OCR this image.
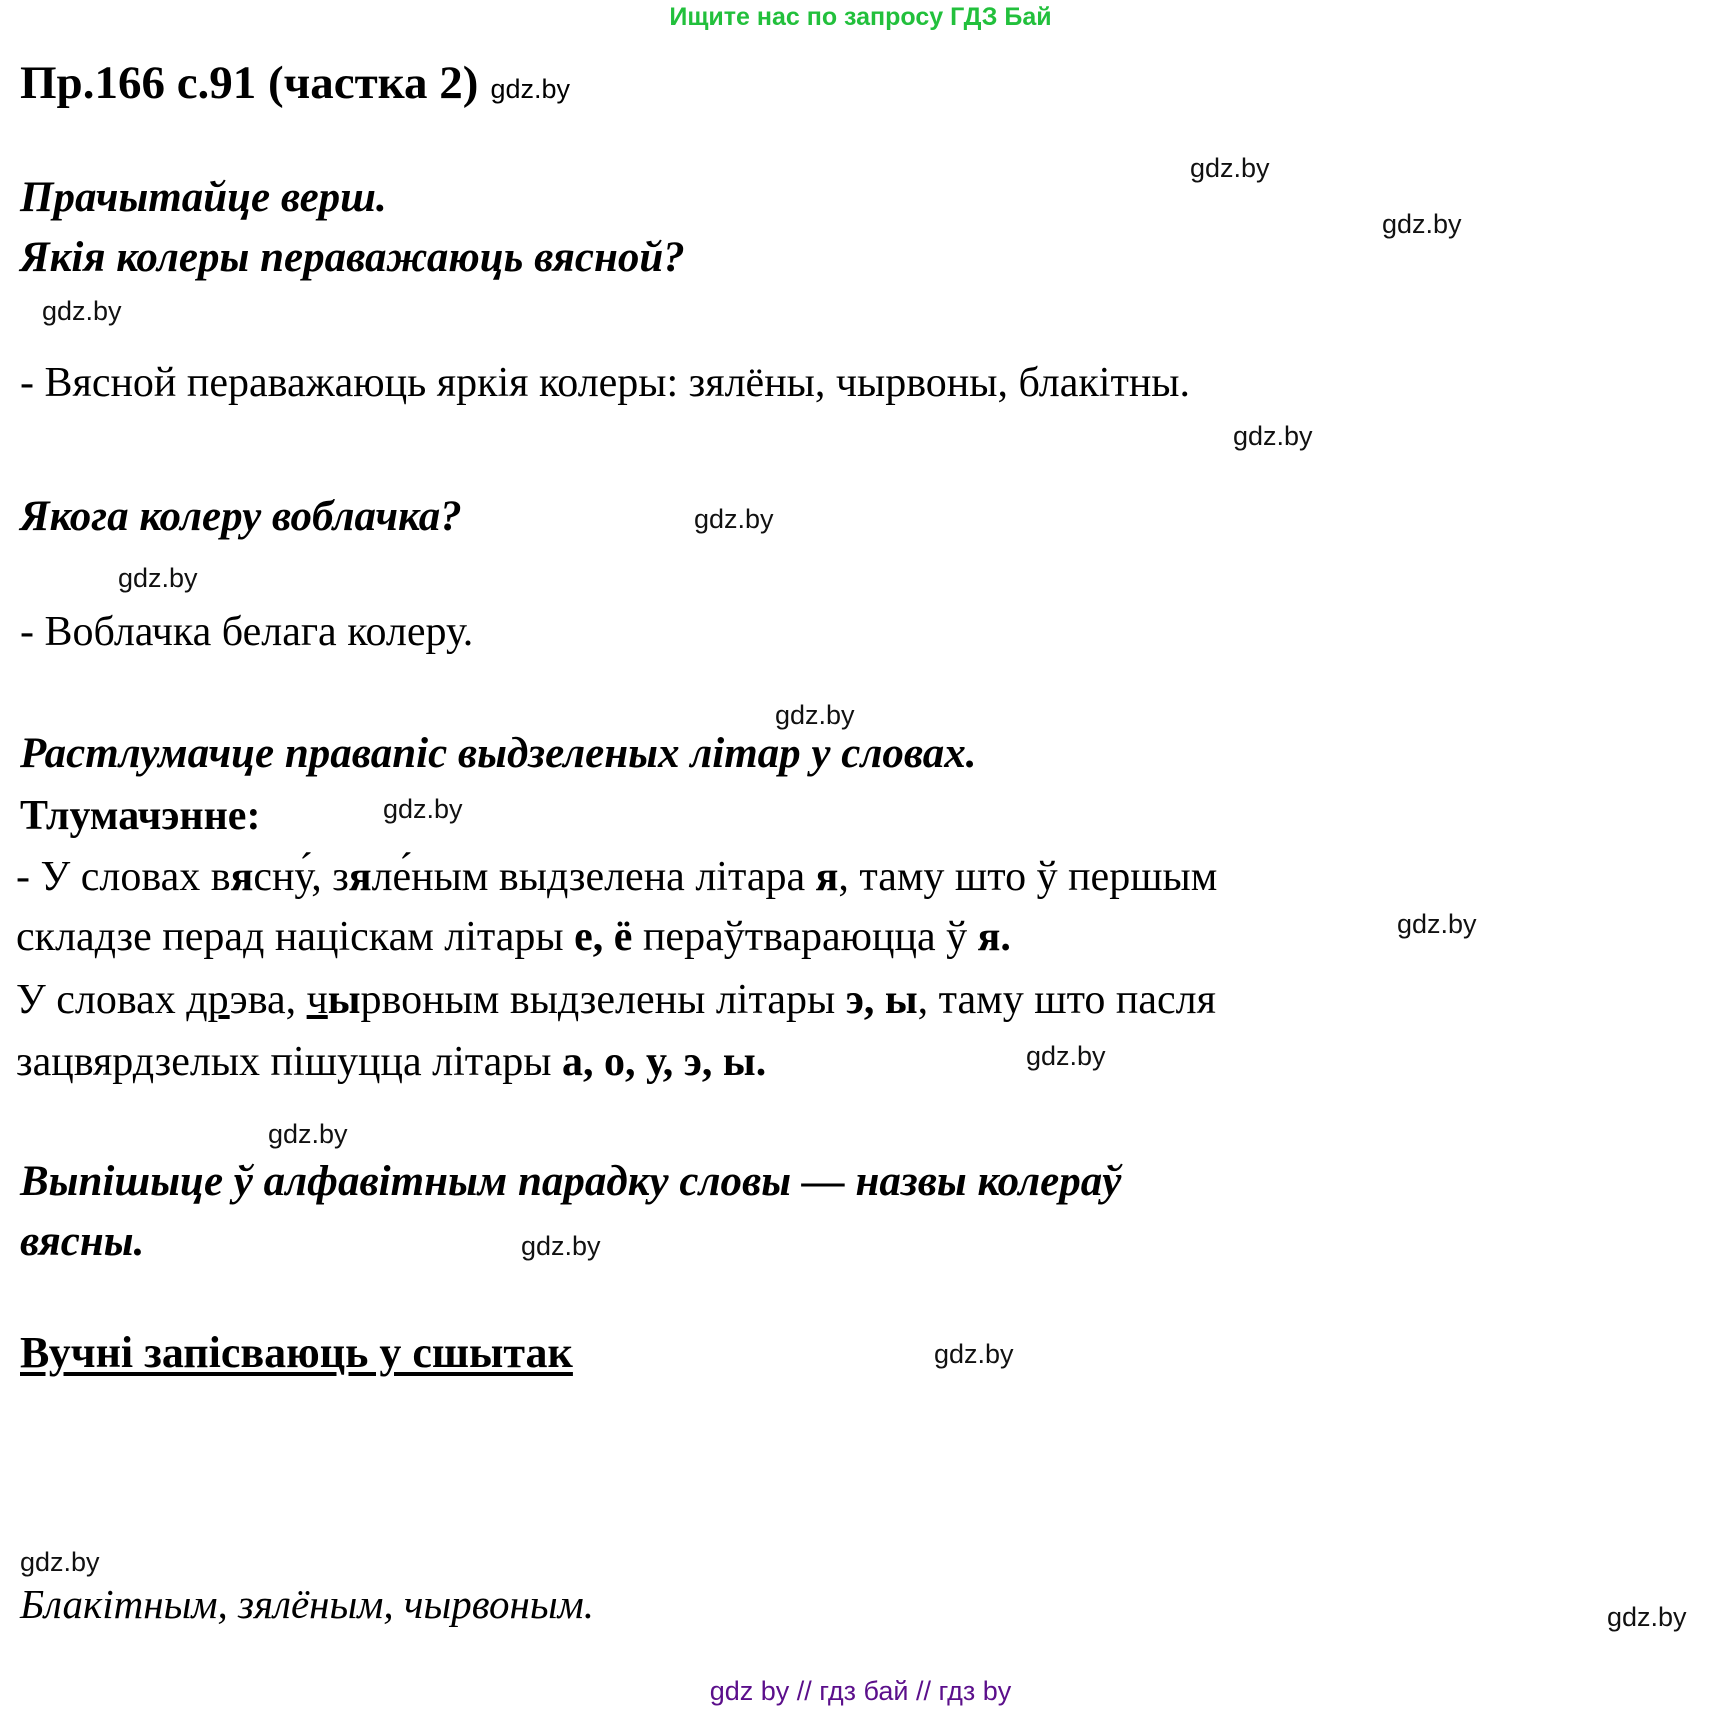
Ищите нас по запросу ГДЗ Бай
Пр.166 с.91 (частка 2) gdz.by
Прачытайце верш.
Якія колеры пераважаюць вясной?
- Вясной пераважаюць яркія колеры: зялёны, чырвоны, блакітны.
Якога колеру воблачка?
- Воблачка белага колеру.
Растлумачце правапіс выдзеленых літар у словах.
Тлумачэнне:
- У словах вясну́, зяле́ным выдзелена літара я, таму што ў першым
складзе перад націскам літары е, ё пераўтвараюцца ў я.
У словах дрэва, чырвоным выдзелены літары э, ы, таму што пасля
зацвярдзелых пішуцца літары а, о, у, э, ы.
Выпішыце ў алфавітным парадку словы — назвы колераў
вясны.
Вучні запісваюць у сшытак
Блакітным, зялёным, чырвоным.
gdz.by
gdz.by
gdz.by
gdz.by
gdz.by
gdz.by
gdz.by
gdz.by
gdz.by
gdz.by
gdz.by
gdz.by
gdz.by
gdz.by
gdz.by
gdz by // гдз бай // гдз by
